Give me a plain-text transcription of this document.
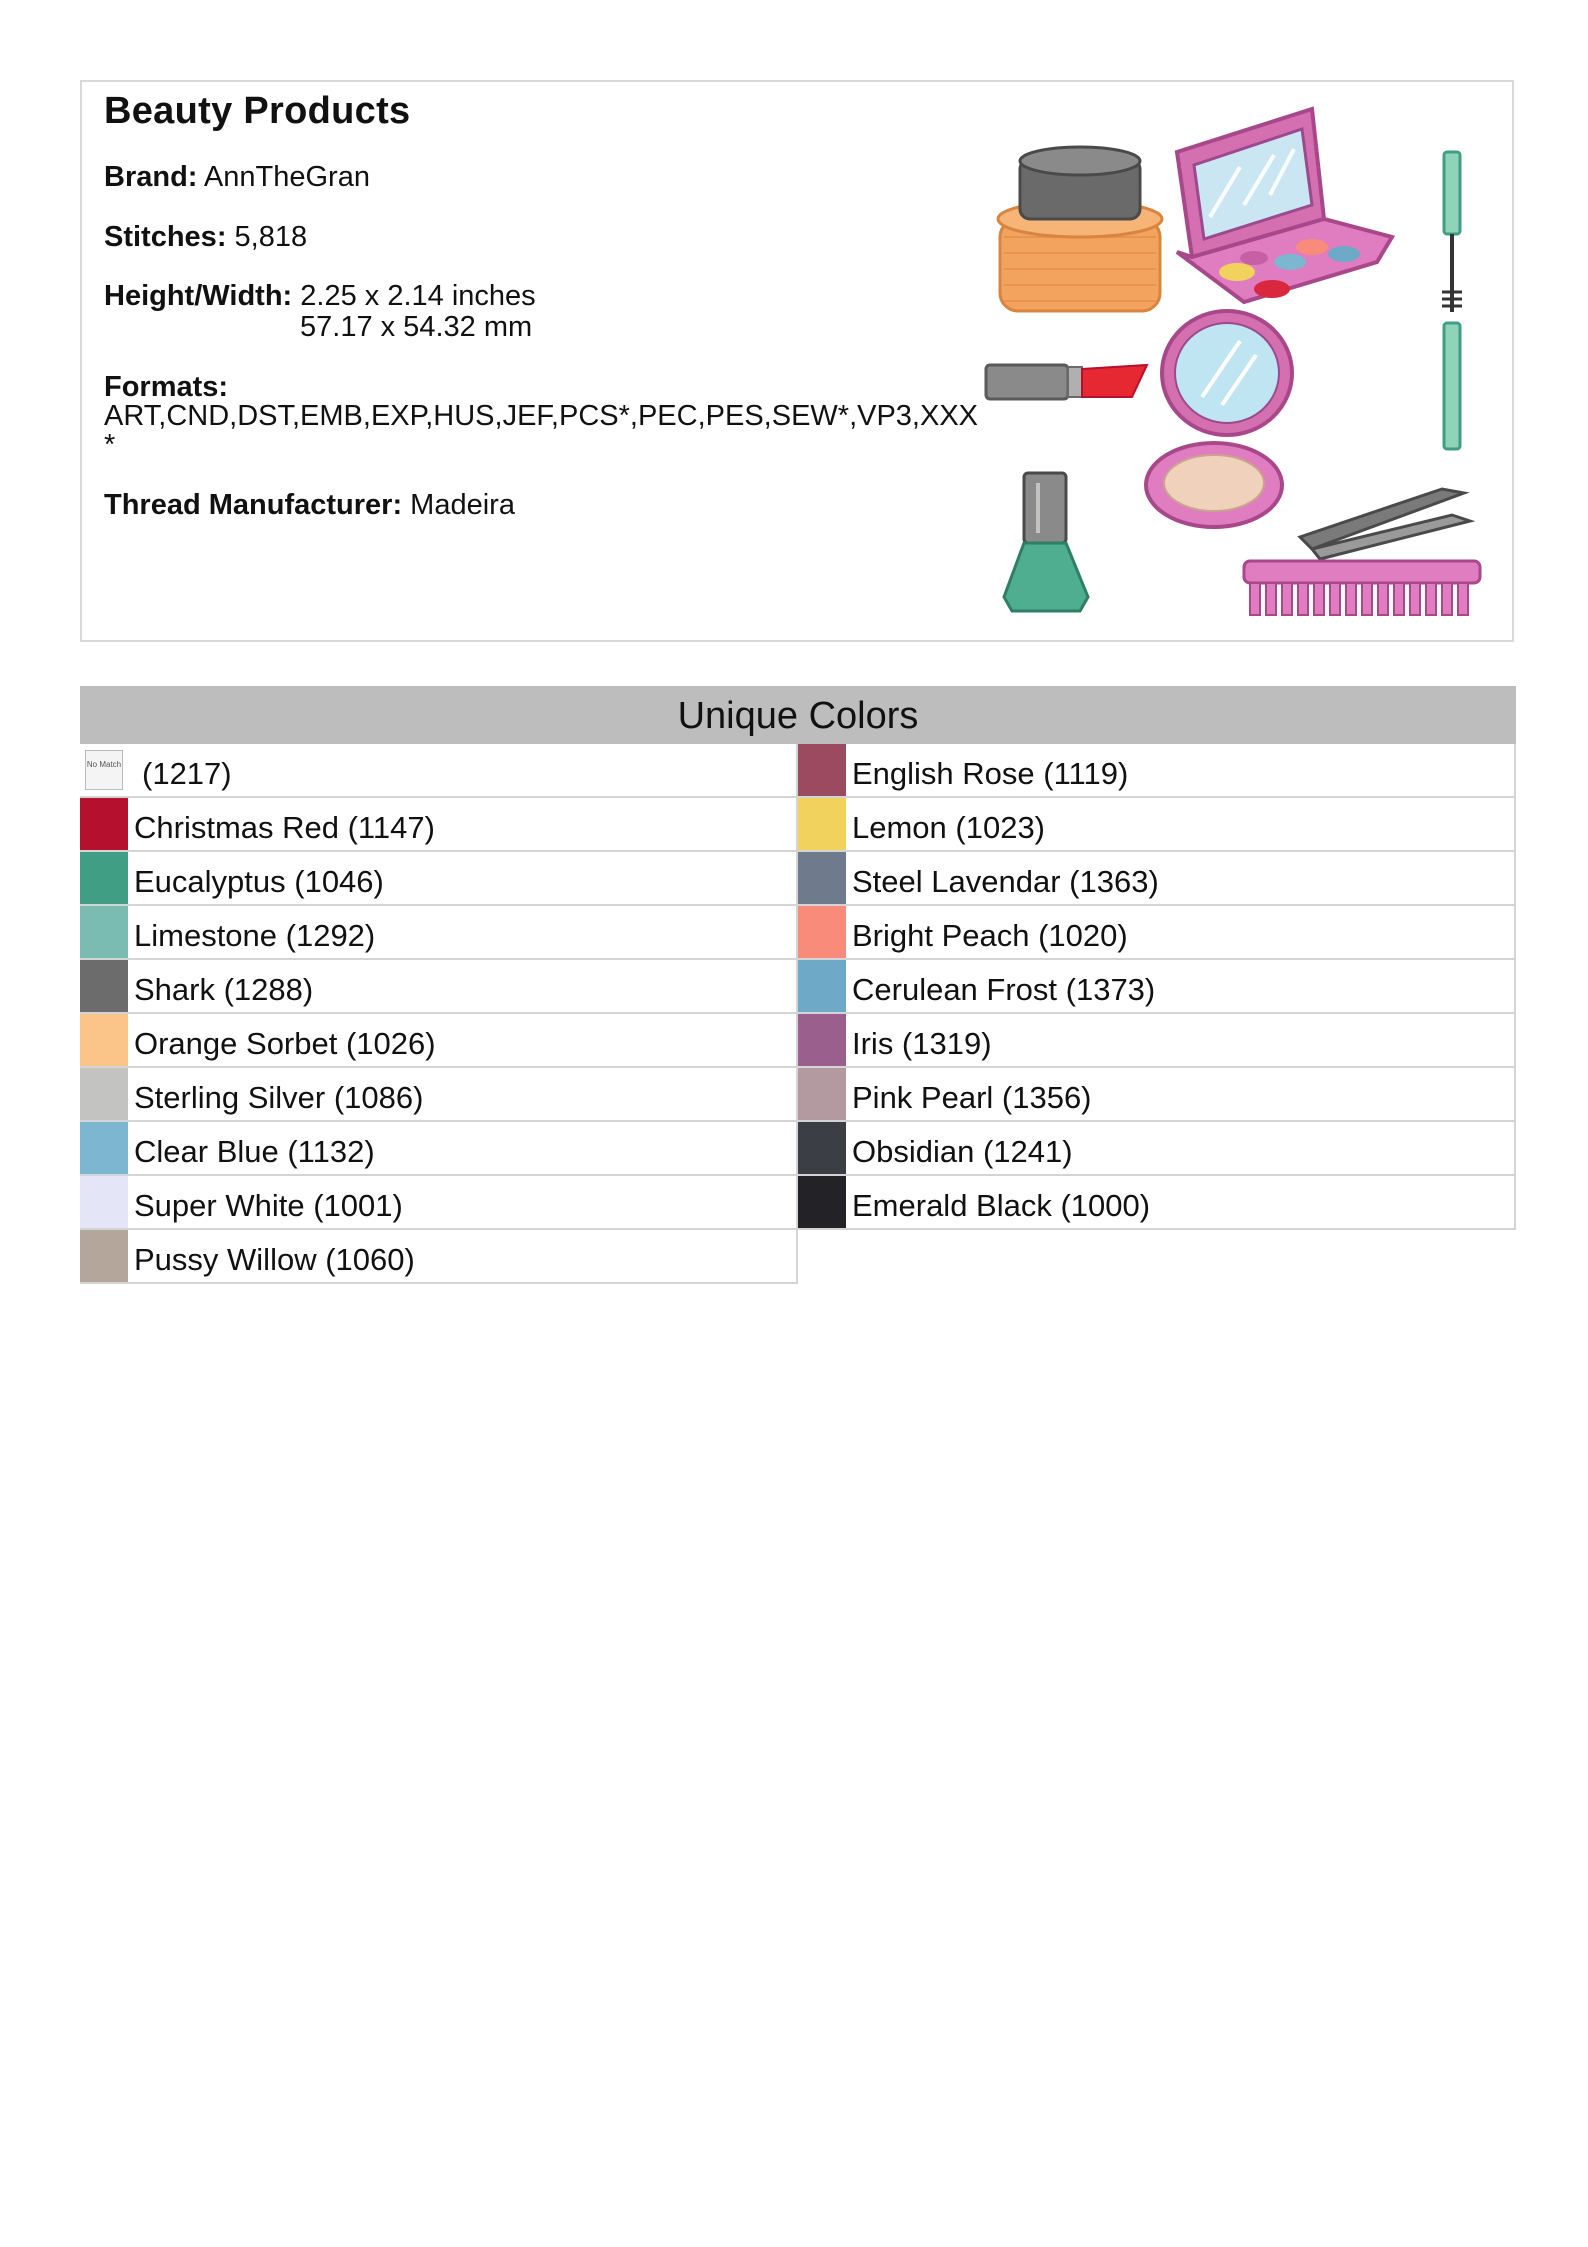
Beauty Products
Brand: AnnTheGran
Stitches: 5,818
Height/Width: 2.25 x 2.14 inches
57.17 x 54.32 mm
Formats:
ART,CND,DST,EMB,EXP,HUS,JEF,PCS*,PEC,PES,SEW*,VP3,XXX*
Thread Manufacturer: Madeira
Unique Colors
No Match (1217)
Christmas Red (1147)
Eucalyptus (1046)
Limestone (1292)
Shark (1288)
Orange Sorbet (1026)
Sterling Silver (1086)
Clear Blue (1132)
Super White (1001)
Pussy Willow (1060)
English Rose (1119)
Lemon (1023)
Steel Lavendar (1363)
Bright Peach (1020)
Cerulean Frost (1373)
Iris (1319)
Pink Pearl (1356)
Obsidian (1241)
Emerald Black (1000)
